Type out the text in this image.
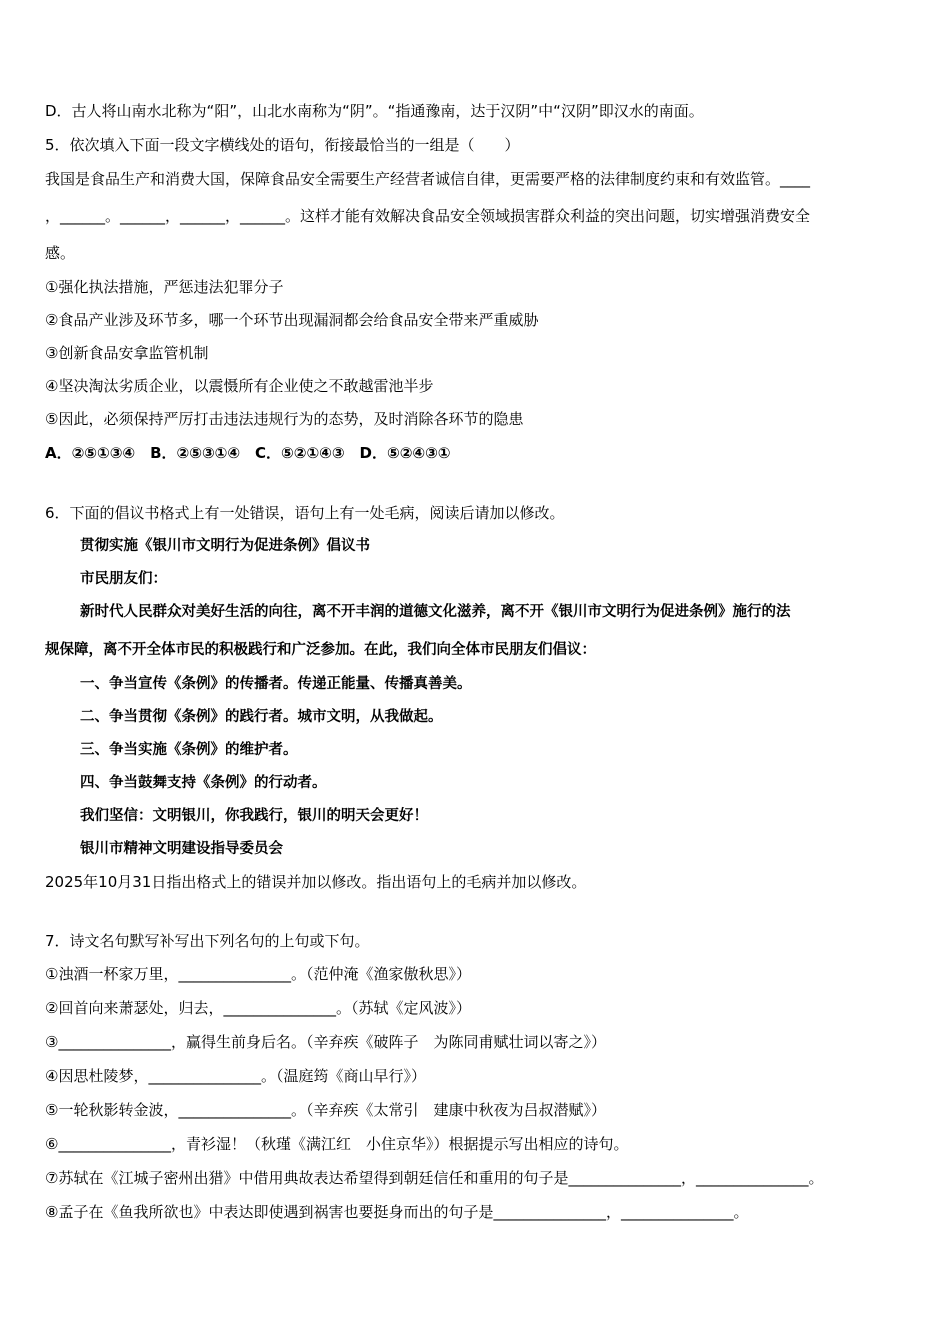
D．古人将山南水北称为“阳”，山北水南称为“阴”。“指通豫南，达于汉阴”中“汉阴”即汉水的南面。
5．依次填入下面一段文字横线处的语句，衔接最恰当的一组是（　　）
我国是食品生产和消费大国，保障食品安全需要生产经营者诚信自律，更需要严格的法律制度约束和有效监管。____
，______。______，______，______。这样才能有效解决食品安全领域损害群众利益的突出问题，切实增强消费安全
感。
①强化执法措施，严惩违法犯罪分子
②食品产业涉及环节多，哪一个环节出现漏洞都会给食品安全带来严重威胁
③创新食品安拿监管机制
④坚决淘汰劣质企业，以震慑所有企业使之不敢越雷池半步
⑤因此，必须保持严厉打击违法违规行为的态势，及时消除各环节的隐患
A．②⑤①③④　B．②⑤③①④　C．⑤②①④③　D．⑤②④③①
6．下面的倡议书格式上有一处错误，语句上有一处毛病，阅读后请加以修改。
贯彻实施《银川市文明行为促进条例》倡议书
市民朋友们：
新时代人民群众对美好生活的向往，离不开丰润的道德文化滋养，离不开《银川市文明行为促进条例》施行的法
规保障，离不开全体市民的积极践行和广泛参加。在此，我们向全体市民朋友们倡议：
一、争当宣传《条例》的传播者。传递正能量、传播真善美。
二、争当贯彻《条例》的践行者。城市文明，从我做起。
三、争当实施《条例》的维护者。
四、争当鼓舞支持《条例》的行动者。
我们坚信：文明银川，你我践行，银川的明天会更好！
银川市精神文明建设指导委员会
2025年10月31日指出格式上的错误并加以修改。指出语句上的毛病并加以修改。
7．诗文名句默写补写出下列名句的上句或下句。
①浊酒一杯家万里，_______________。（范仲淹《渔家傲秋思》）
②回首向来萧瑟处，归去，_______________。（苏轼《定风波》）
③_______________，赢得生前身后名。（辛弃疾《破阵子　为陈同甫赋壮词以寄之》）
④因思杜陵梦，_______________。（温庭筠《商山早行》）
⑤一轮秋影转金波，_______________。（辛弃疾《太常引　建康中秋夜为吕叔潜赋》）
⑥_______________，青衫湿！（秋瑾《满江红　小住京华》）根据提示写出相应的诗句。
⑦苏轼在《江城子密州出猎》中借用典故表达希望得到朝廷信任和重用的句子是_______________，_______________。
⑧孟子在《鱼我所欲也》中表达即使遇到祸害也要挺身而出的句子是_______________，_______________。
